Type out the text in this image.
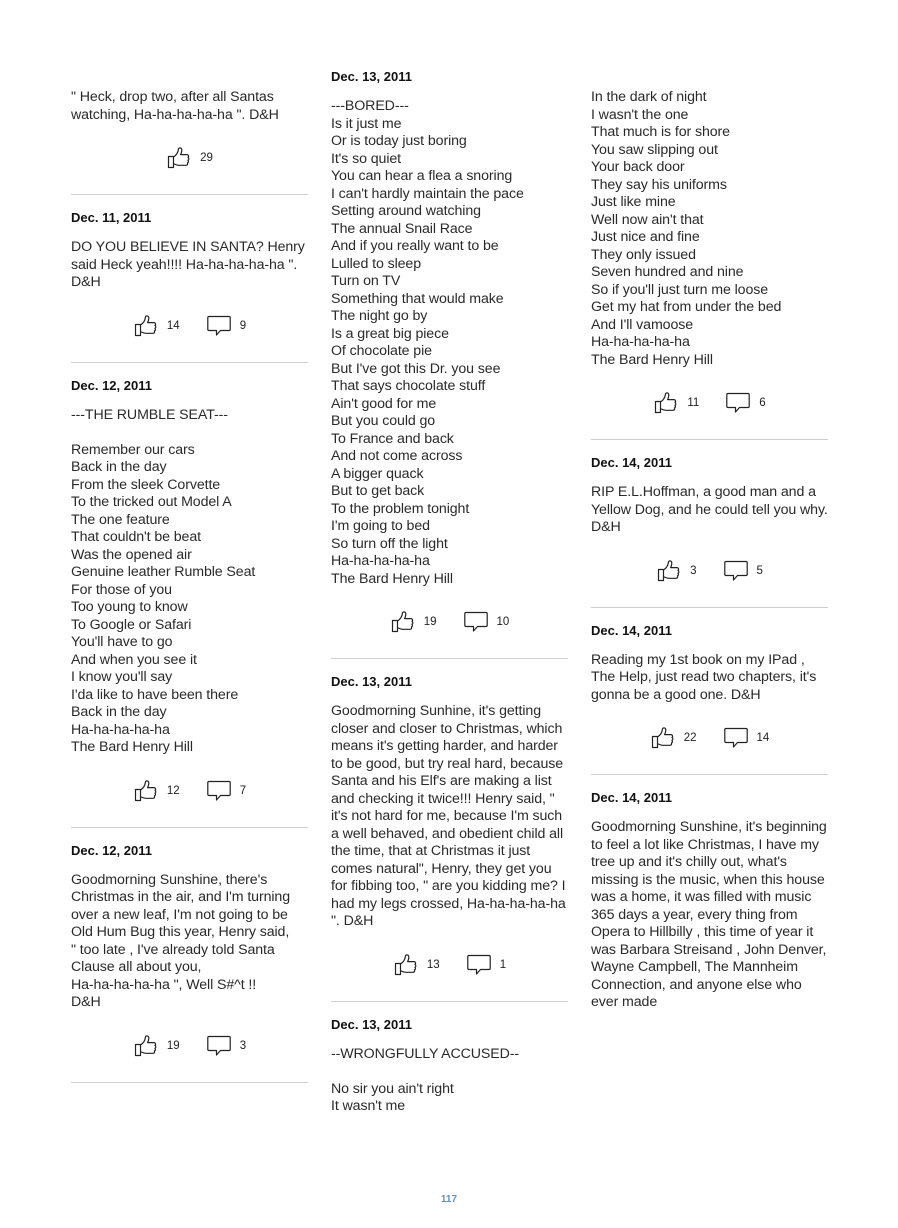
" Heck, drop two, after all Santas watching, Ha-ha-ha-ha-ha ". D&H
29
Dec. 11, 2011
DO YOU BELIEVE IN SANTA? Henry said Heck yeah!!!! Ha-ha-ha-ha-ha ". D&H
14	9
Dec. 12, 2011
---THE RUMBLE SEAT---

Remember our cars
Back in the day
From the sleek Corvette
To the tricked out Model A
The one feature
That couldn't be beat
Was the opened air
Genuine leather Rumble Seat
For those of you
Too young to know
To Google or Safari
You'll have to go
And when you see it
I know you'll say
I'da like to have been there
Back in the day
Ha-ha-ha-ha-ha
The Bard Henry Hill
12	7
Dec. 12, 2011
Goodmorning Sunshine, there's Christmas in the air, and I'm turning over a new leaf, I'm not going to be Old Hum Bug this year, Henry said,
" too late , I've already told Santa Clause all about you,
Ha-ha-ha-ha-ha ", Well S#^t !!
D&H
19	3
Dec. 13, 2011
---BORED---
Is it just me
Or is today just boring
It's so quiet
You can hear a flea a snoring
I can't hardly maintain the pace
Setting around watching
The annual Snail Race
And if you really want to be
Lulled to sleep
Turn on TV
Something that would make
The night go by
Is a great big piece
Of chocolate pie
But I've got this Dr. you see
That says chocolate stuff
Ain't good for me
But you could go
To France and back
And not come across
A bigger quack
But to get back
To the problem tonight
I'm going to bed
So turn off the light
Ha-ha-ha-ha-ha
The Bard Henry Hill
19	10
Dec. 13, 2011
Goodmorning Sunhine, it's getting closer and closer to Christmas, which means it's getting harder, and harder to be good, but try real hard, because Santa and his Elf's are making a list and checking it twice!!! Henry said, " it's not hard for me, because I'm such a well behaved, and obedient child all the time, that at Christmas it just comes natural", Henry, they get you for fibbing too, " are you kidding me? I had my legs crossed, Ha-ha-ha-ha-ha ". D&H
13	1
Dec. 13, 2011
--WRONGFULLY ACCUSED--

No sir you ain't right
It wasn't me
In the dark of night
I wasn't the one
That much is for shore
You saw slipping out
Your back door
They say his uniforms
Just like mine
Well now ain't that
Just nice and fine
They only issued
Seven hundred and nine
So if you'll just turn me loose
Get my hat from under the bed
And I'll vamoose
Ha-ha-ha-ha-ha
The Bard Henry Hill
11	6
Dec. 14, 2011
RIP E.L.Hoffman, a good man and a Yellow Dog, and he could tell you why. D&H
3	5
Dec. 14, 2011
Reading my 1st book on my IPad , The Help, just read two chapters, it's gonna be a good one. D&H
22	14
Dec. 14, 2011
Goodmorning Sunshine, it's beginning to feel a lot like Christmas, I have my tree up and it's chilly out, what's missing is the music, when this house was a home, it was filled with music 365 days a year, every thing from Opera to Hillbilly , this time of year it was Barbara Streisand , John Denver, Wayne Campbell, The Mannheim Connection, and anyone else who ever made
117
